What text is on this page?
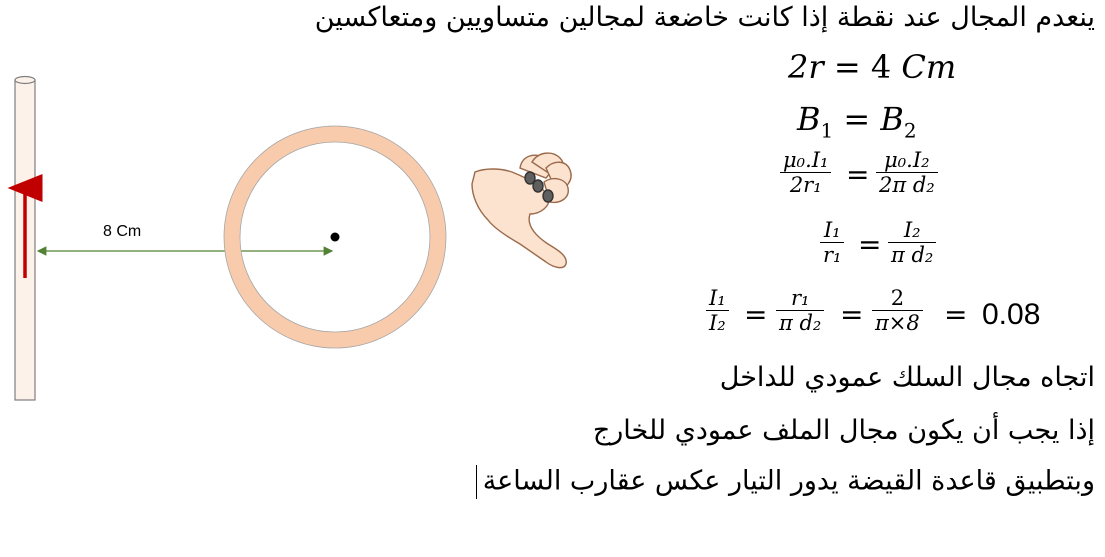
8 Cm
ينعدم المجال عند نقطة إذا كانت خاضعة لمجالين متساويين ومتعاكسين
اتجاه مجال السلك عمودي للداخل
إذا يجب أن يكون مجال الملف عمودي للخارج
وبتطبيق قاعدة القيضة يدور التيار عكس عقارب الساعة
2r = 4 Cm
$B_1 = B_2$
$\frac{\text{μ₀.I₁}}{\text{2r₁}} = \frac{\text{μ₀.I₂}}{\text{2π d₂}}$
$\frac{\text{I₁}}{\text{r₁}} = \frac{\text{I₂}}{\text{π d₂}}$
$\frac{\text{I₁}}{\text{I₂}} = \frac{\text{r₁}}{\text{π d₂}} = \frac{2}{\pi\times 8} = 0.08$
